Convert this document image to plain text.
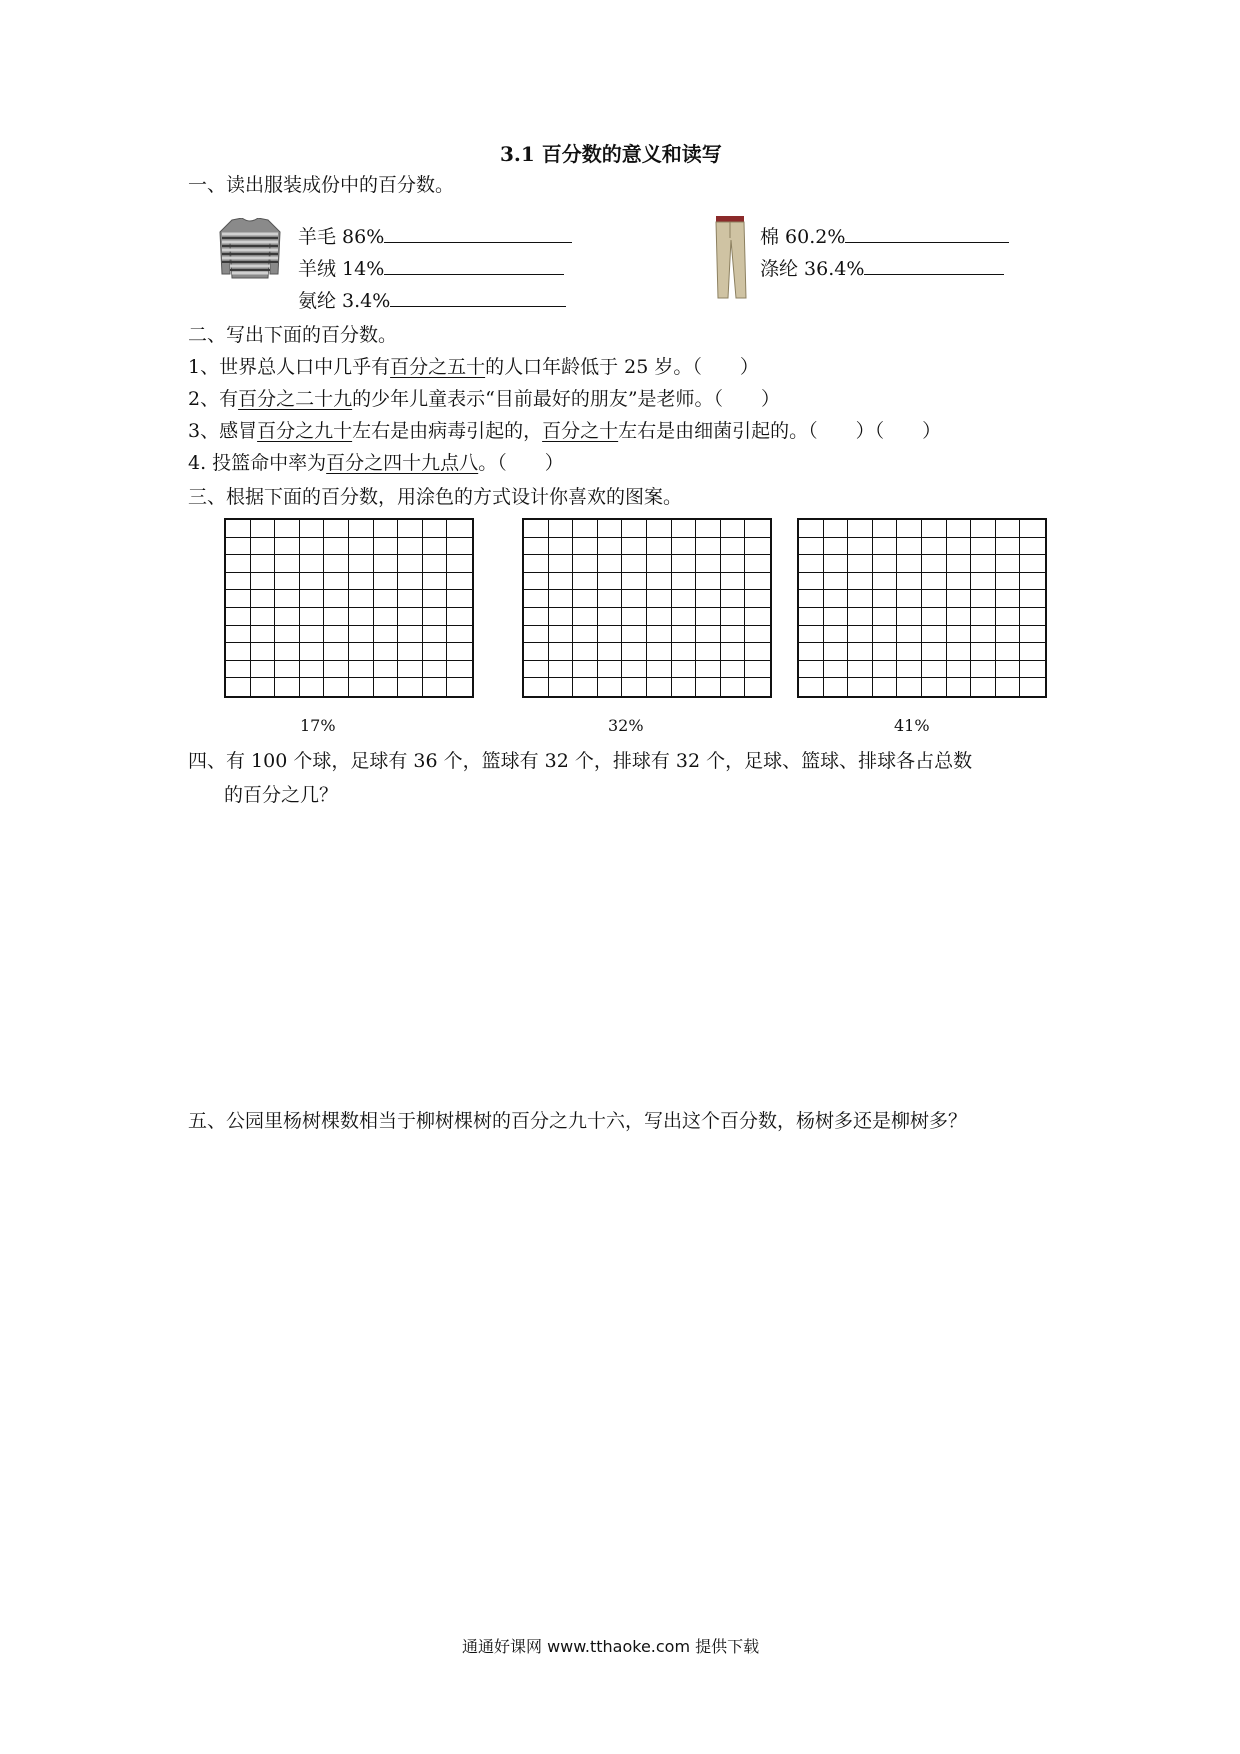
3.1 百分数的意义和读写
一、读出服装成份中的百分数。
羊毛 86%
羊绒 14%
氨纶 3.4%
棉 60.2%
涤纶 36.4%
二、写出下面的百分数。
1、世界总人口中几乎有百分之五十的人口年龄低于 25 岁。（　　）
2、有百分之二十九的少年儿童表示“目前最好的朋友”是老师。（　　）
3、感冒百分之九十左右是由病毒引起的，百分之十左右是由细菌引起的。（　　）（　　）
4. 投篮命中率为百分之四十九点八。（　　）
三、根据下面的百分数，用涂色的方式设计你喜欢的图案。
17%	32%	41%
四、有 100 个球，足球有 36 个，篮球有 32 个，排球有 32 个，足球、篮球、排球各占总数
的百分之几？
五、公园里杨树棵数相当于柳树棵树的百分之九十六，写出这个百分数，杨树多还是柳树多？
通通好课网 www.tthaoke.com 提供下载
